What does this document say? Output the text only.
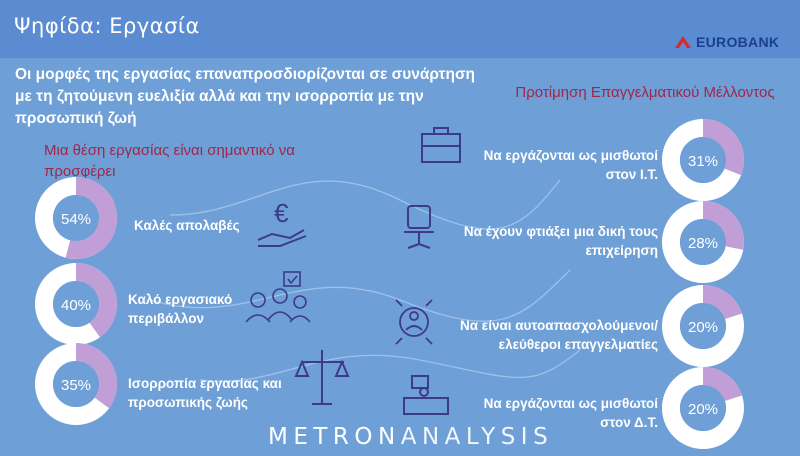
Ψηφίδα: Εργασία
EUROBANK
Οι μορφές της εργασίας επαναπροσδιορίζονται σε συνάρτηση με τη ζητούμενη ευελιξία αλλά και την ισορροπία με την προσωπική ζωή
Μια θέση εργασίας είναι σημαντικό να προσφέρει
Προτίμηση Επαγγελματικού Μέλλοντος
€
54%
40%
35%
31%
28%
20%
20%
Καλές απολαβές
Καλό εργασιακό περιβάλλον
Ισορροπία εργασίας και προσωπικής ζωής
Να εργάζονται ως μισθωτοί στον Ι.Τ.
Να έχουν φτιάξει μια δική τους επιχείρηση
Να είναι αυτοαπασχολούμενοι/ ελεύθεροι επαγγελματίες
Να εργάζονται ως μισθωτοί στον Δ.Τ.
METRONANALYSIS
